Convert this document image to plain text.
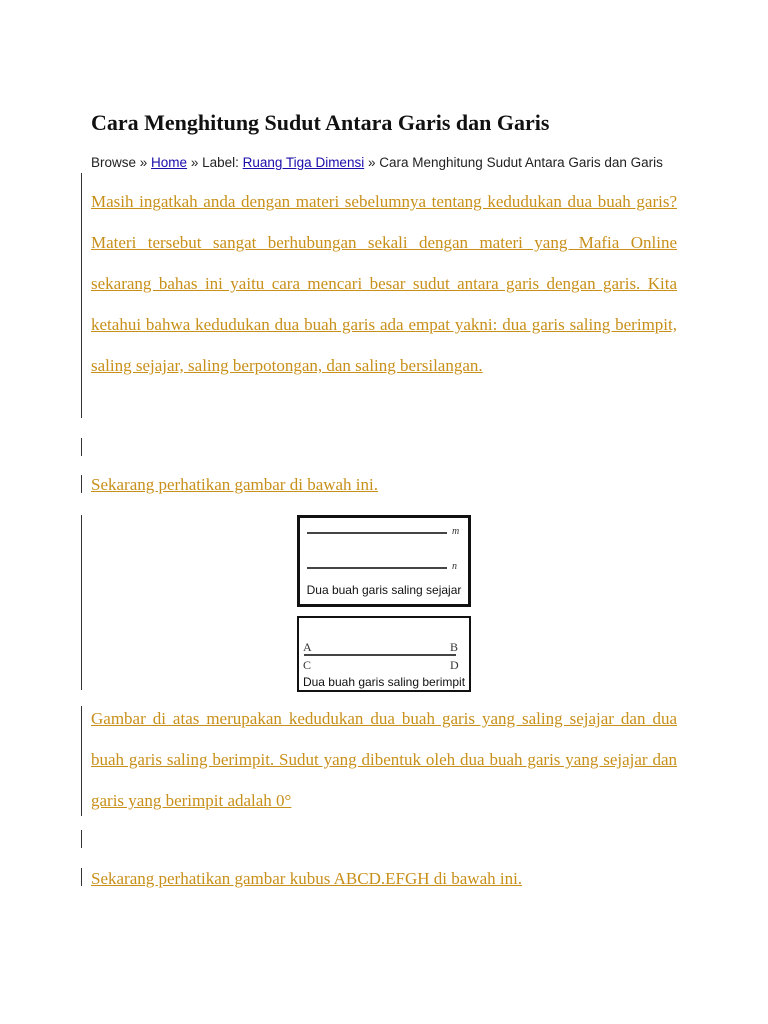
Cara Menghitung Sudut Antara Garis dan Garis
Browse » Home » Label: Ruang Tiga Dimensi » Cara Menghitung Sudut Antara Garis dan Garis

Masih ingatkah anda dengan materi sebelumnya tentang kedudukan dua buah garis? Materi tersebut sangat berhubungan sekali dengan materi yang Mafia Online sekarang bahas ini yaitu cara mencari besar sudut antara garis dengan garis. Kita ketahui bahwa kedudukan dua buah garis ada empat yakni: dua garis saling berimpit, saling sejajar, saling berpotongan, dan saling bersilangan.

Sekarang perhatikan gambar di bawah ini.

m
n
Dua buah garis saling sejajar
A	B
C	D
Dua buah garis saling berimpit

Gambar di atas merupakan kedudukan dua buah garis yang saling sejajar dan dua buah garis saling berimpit. Sudut yang dibentuk oleh dua buah garis yang sejajar dan garis yang berimpit adalah 0°

Sekarang perhatikan gambar kubus ABCD.EFGH di bawah ini.
